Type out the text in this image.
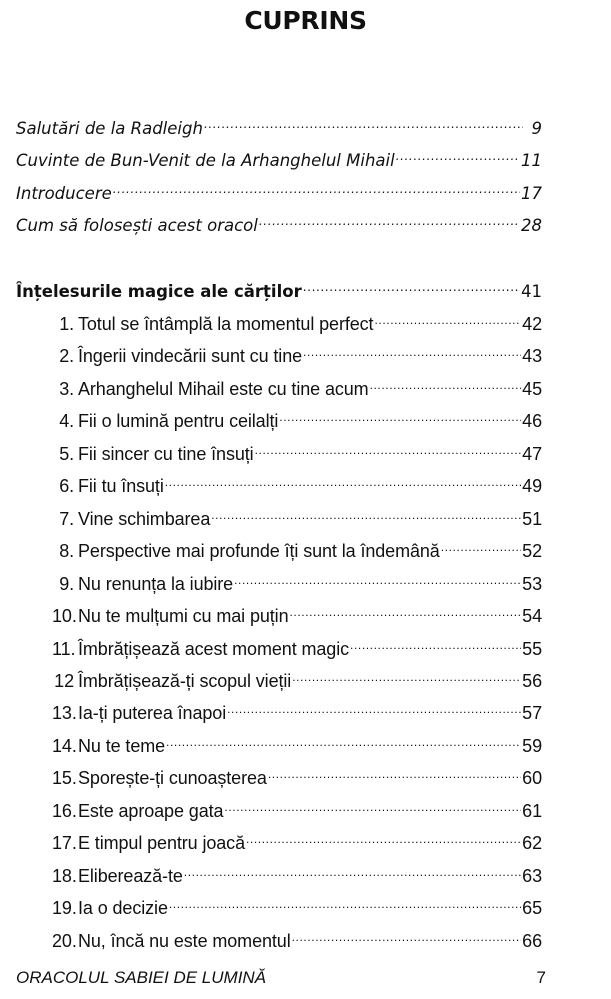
CUPRINS
Salutări de la Radleigh .....	9
Cuvinte de Bun-Venit de la Arhanghelul Mihail .....	11
Introducere .....	17
Cum să folosești acest oracol .....	28
Înțelesurile magice ale cărților .....	41
1. Totul se întâmplă la momentul perfect .....	42
2. Îngerii vindecării sunt cu tine .....	43
3. Arhanghelul Mihail este cu tine acum .....	45
4. Fii o lumină pentru ceilalți .....	46
5. Fii sincer cu tine însuți .....	47
6. Fii tu însuți .....	49
7. Vine schimbarea .....	51
8. Perspective mai profunde îți sunt la îndemână .....	52
9. Nu renunța la iubire .....	53
10.Nu te mulțumi cu mai puțin .....	54
11. Îmbrățișează acest moment magic .....	55
12 Îmbrățișează-ți scopul vieții .....	56
13.Ia-ți puterea înapoi .....	57
14.Nu te teme .....	59
15.Sporește-ți cunoașterea .....	60
16.Este aproape gata .....	61
17.E timpul pentru joacă .....	62
18.Eliberează-te .....	63
19.Ia o decizie .....	65
20.Nu, încă nu este momentul .....	66
ORACOLUL SABIEI DE LUMINĂ	7
